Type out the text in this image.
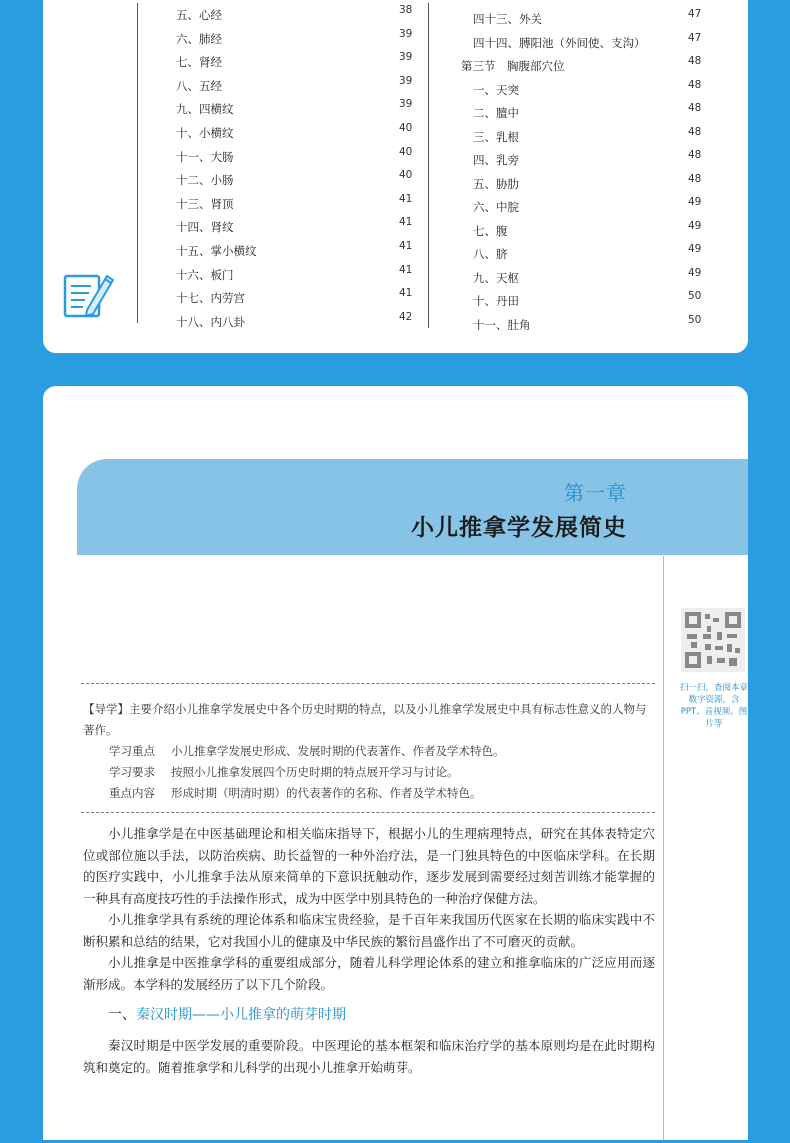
五、心经	38
六、肺经	39
七、肾经	39
八、五经	39
九、四横纹	39
十、小横纹	40
十一、大肠	40
十二、小肠	40
十三、肾顶	41
十四、肾纹	41
十五、掌小横纹	41
十六、板门	41
十七、内劳宫	41
十八、内八卦	42
四十三、外关	47
四十四、膊阳池（外间使、支沟）	47
第三节　胸腹部穴位	48
一、天突	48
二、膻中	48
三、乳根	48
四、乳旁	48
五、胁肋	48
六、中脘	49
七、腹	49
八、脐	49
九、天枢	49
十、丹田	50
十一、肚角	50
第一章
小儿推拿学发展简史
扫一扫，查阅本章数字资源，含PPT、音视频、图片等

【导学】主要介绍小儿推拿学发展史中各个历史时期的特点，以及小儿推拿学发展史中具有标志性意义的人物与著作。

学习重点 小儿推拿学发展史形成、发展时期的代表著作、作者及学术特色。

学习要求 按照小儿推拿发展四个历史时期的特点展开学习与讨论。

重点内容 形成时期（明清时期）的代表著作的名称、作者及学术特色。

小儿推拿学是在中医基础理论和相关临床指导下，根据小儿的生理病理特点，研究在其体表特定穴位或部位施以手法，以防治疾病、助长益智的一种外治疗法，是一门独具特色的中医临床学科。在长期的医疗实践中，小儿推拿手法从原来简单的下意识抚触动作，逐步发展到需要经过刻苦训练才能掌握的一种具有高度技巧性的手法操作形式，成为中医学中别具特色的一种治疗保健方法。

小儿推拿学具有系统的理论体系和临床宝贵经验，是千百年来我国历代医家在长期的临床实践中不断积累和总结的结果，它对我国小儿的健康及中华民族的繁衍昌盛作出了不可磨灭的贡献。

小儿推拿是中医推拿学科的重要组成部分，随着儿科学理论体系的建立和推拿临床的广泛应用而逐渐形成。本学科的发展经历了以下几个阶段。

一、秦汉时期——小儿推拿的萌芽时期

秦汉时期是中医学发展的重要阶段。中医理论的基本框架和临床治疗学的基本原则均是在此时期构筑和奠定的。随着推拿学和儿科学的出现小儿推拿开始萌芽。
